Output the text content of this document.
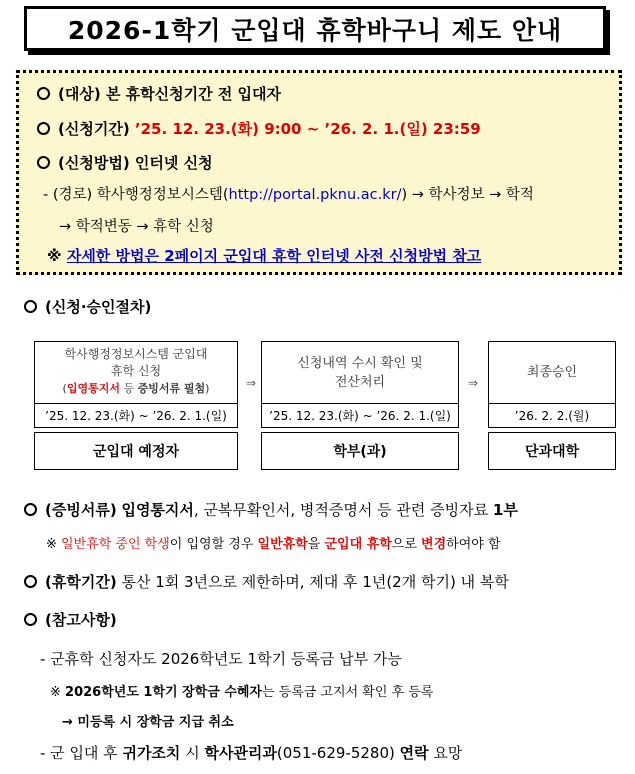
2026-1학기 군입대 휴학바구니 제도 안내
(대상) 본 휴학신청기간 전 입대자
(신청기간) ’25. 12. 23.(화) 9:00 ~ ’26. 2. 1.(일) 23:59
(신청방법) 인터넷 신청
- (경로) 학사행정정보시스템(http://portal.pknu.ac.kr/) → 학사정보 → 학적
→ 학적변동 → 휴학 신청
※ 자세한 방법은 2페이지 군입대 휴학 인터넷 사전 신청방법 참고
(신청·승인절차)
학사행정정보시스템 군입대
휴학 신청
(입영통지서 등 증빙서류 필첨)
’25. 12. 23.(화) ~ ’26. 2. 1.(일)
군입대 예정자
⇒
신청내역 수시 확인 및
전산처리
’25. 12. 23.(화) ~ ’26. 2. 1.(일)
학부(과)
⇒
최종승인
’26. 2. 2.(월)
단과대학
(증빙서류) 입영통지서, 군복무확인서, 병적증명서 등 관련 증빙자료 1부
※ 일반휴학 중인 학생이 입영할 경우 일반휴학을 군입대 휴학으로 변경하여야 함
(휴학기간) 통산 1회 3년으로 제한하며, 제대 후 1년(2개 학기) 내 복학
(참고사항)
- 군휴학 신청자도 2026학년도 1학기 등록금 납부 가능
※ 2026학년도 1학기 장학금 수혜자는 등록금 고지서 확인 후 등록
→ 미등록 시 장학금 지급 취소
- 군 입대 후 귀가조치 시 학사관리과(051-629-5280) 연락 요망
